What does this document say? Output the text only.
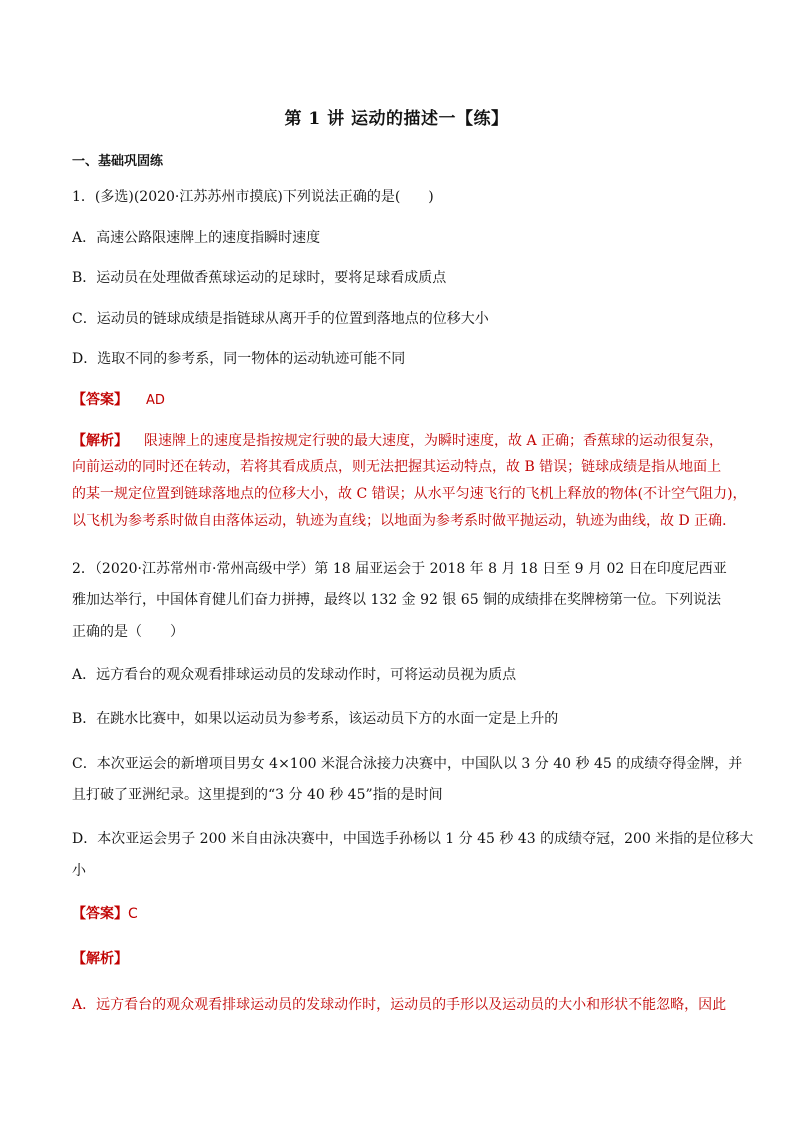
第 1 讲 运动的描述一【练】
一、基础巩固练
1．(多选)(2020·江苏苏州市摸底)下列说法正确的是(　　)
A．高速公路限速牌上的速度指瞬时速度
B．运动员在处理做香蕉球运动的足球时，要将足球看成质点
C．运动员的链球成绩是指链球从离开手的位置到落地点的位移大小
D．选取不同的参考系，同一物体的运动轨迹可能不同
【答案】 AD
【解析】 限速牌上的速度是指按规定行驶的最大速度，为瞬时速度，故 A 正确；香蕉球的运动很复杂，
向前运动的同时还在转动，若将其看成质点，则无法把握其运动特点，故 B 错误；链球成绩是指从地面上
的某一规定位置到链球落地点的位移大小，故 C 错误；从水平匀速飞行的飞机上释放的物体(不计空气阻力)，
以飞机为参考系时做自由落体运动，轨迹为直线；以地面为参考系时做平抛运动，轨迹为曲线，故 D 正确．
2．（2020·江苏常州市·常州高级中学）第 18 届亚运会于 2018 年 8 月 18 日至 9 月 02 日在印度尼西亚
雅加达举行，中国体育健儿们奋力拼搏，最终以 132 金 92 银 65 铜的成绩排在奖牌榜第一位。下列说法
正确的是（　　）
A．远方看台的观众观看排球运动员的发球动作时，可将运动员视为质点
B．在跳水比赛中，如果以运动员为参考系，该运动员下方的水面一定是上升的
C．本次亚运会的新增项目男女 4×100 米混合泳接力决赛中，中国队以 3 分 40 秒 45 的成绩夺得金牌，并
且打破了亚洲纪录。这里提到的“3 分 40 秒 45”指的是时间
D．本次亚运会男子 200 米自由泳决赛中，中国选手孙杨以 1 分 45 秒 43 的成绩夺冠，200 米指的是位移大
小
【答案】C
【解析】
A．远方看台的观众观看排球运动员的发球动作时，运动员的手形以及运动员的大小和形状不能忽略，因此
